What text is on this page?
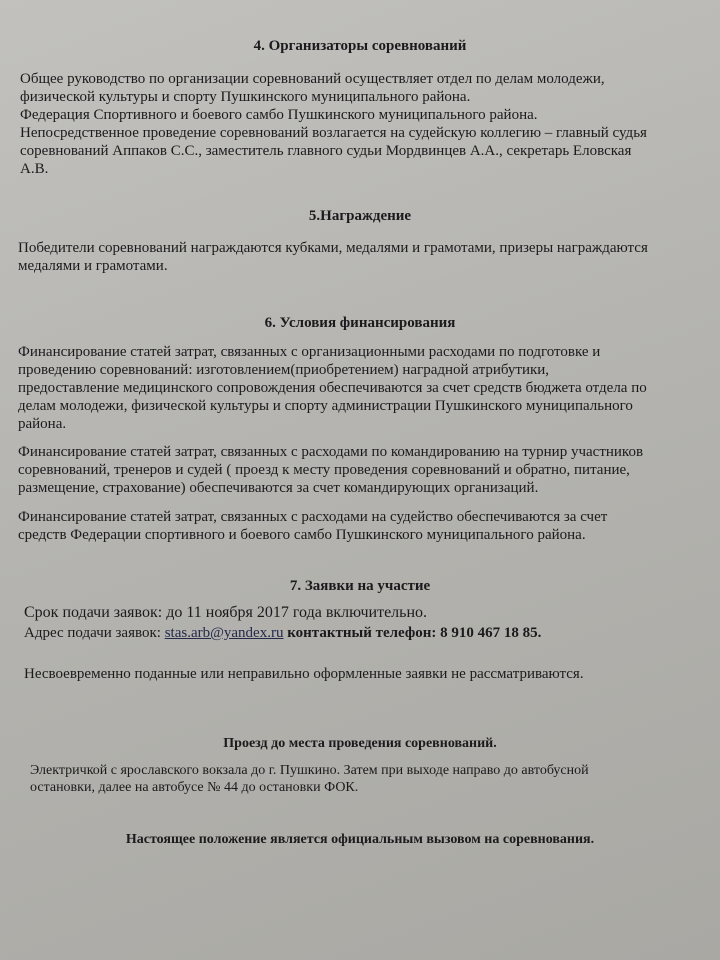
4. Организаторы соревнований
Общее руководство по организации соревнований осуществляет отдел по делам молодежи,
физической культуры и спорту Пушкинского муниципального района.
Федерация Спортивного и боевого самбо Пушкинского муниципального района.
Непосредственное проведение соревнований возлагается на судейскую коллегию – главный судья
соревнований Аппаков С.С., заместитель главного судьи Мордвинцев А.А., секретарь Еловская
А.В.
5.Награждение
Победители соревнований награждаются кубками, медалями и грамотами, призеры награждаются
медалями и грамотами.
6. Условия финансирования
Финансирование статей затрат, связанных с организационными расходами по подготовке и
проведению соревнований: изготовлением(приобретением) наградной атрибутики,
предоставление медицинского сопровождения обеспечиваются за счет средств бюджета отдела по
делам молодежи, физической культуры и спорту администрации Пушкинского муниципального
района.
Финансирование статей затрат, связанных с расходами по командированию на турнир участников
соревнований, тренеров и судей ( проезд к месту проведения соревнований и обратно, питание,
размещение, страхование) обеспечиваются за счет командирующих организаций.
Финансирование статей затрат, связанных с расходами на судейство обеспечиваются за счет
средств Федерации спортивного и боевого самбо Пушкинского муниципального района.
7. Заявки на участие
Срок подачи заявок: до 11 ноября 2017 года включительно.
Адрес подачи заявок: stas.arb@yandex.ru контактный телефон: 8 910 467 18 85.
Несвоевременно поданные или неправильно оформленные заявки не рассматриваются.
Проезд до места проведения соревнований.
Электричкой с ярославского вокзала до г. Пушкино. Затем при выходе направо до автобусной
остановки, далее на автобусе № 44 до остановки ФОК.
Настоящее положение является официальным вызовом на соревнования.
